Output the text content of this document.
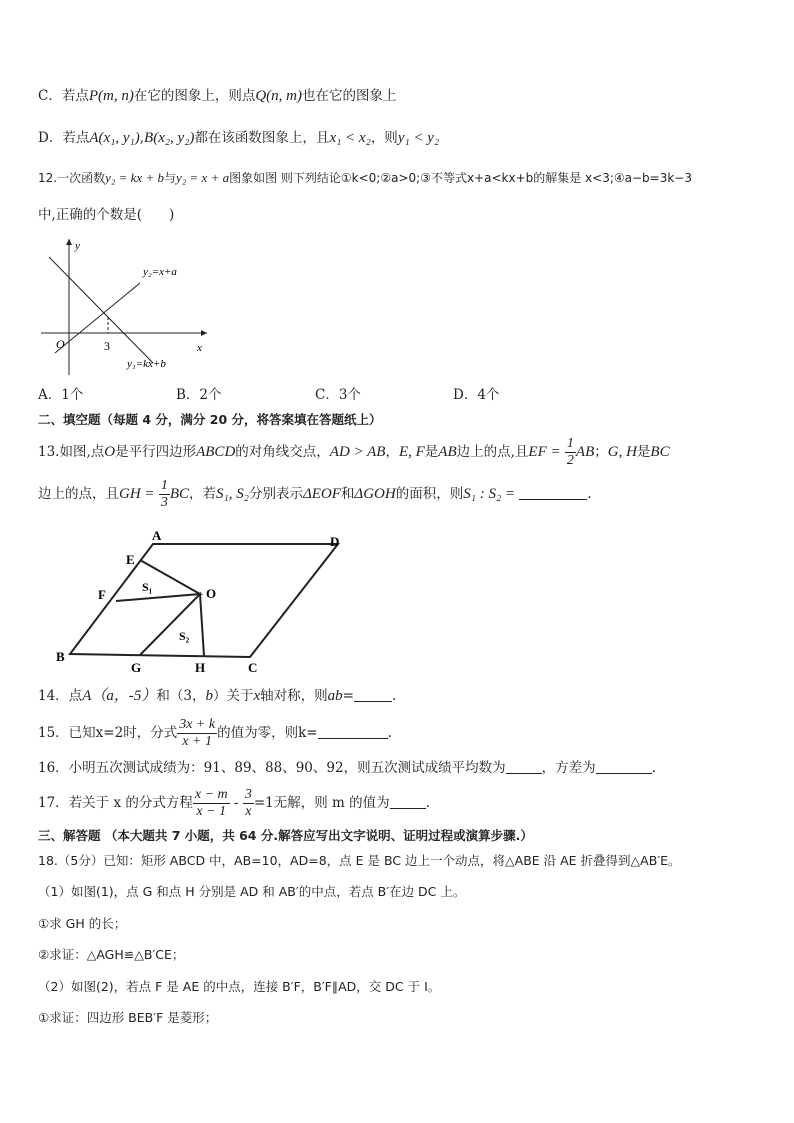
C．若点P(m, n)在它的图象上，则点Q(n, m)也在它的图象上
D．若点A(x₁, y₁),B(x₂, y₂)都在该函数图象上，且x₁ < x₂，则y₁ < y₂
12.一次函数y₂ = kx + b与y₂ = x + a图象如图 则下列结论①k<0;②a>0;③不等式x+a<kx+b的解集是 x<3;④a−b=3k−3
中,正确的个数是(　　)
y
x
O	3
y₂=x+a
y₁=kx+b
A．1个	B．2个	C．3个	D．4个
二、填空题（每题 4 分，满分 20 分，将答案填在答题纸上）
13.如图,点O是平行四边形ABCD的对角线交点，AD > AB，E, F是AB边上的点,且EF = $\frac{1}{2}$ AB；G, H是BC
边上的点，且GH = $\frac{1}{3}$ BC，若S₁, S₂分别表示ΔEOF和ΔGOH的面积，则S₁ : S₂ =	.
A	D
E
F	O
B
G	H	C
S₁
S₂
14．点A（a，-5）和（3，b）关于x轴对称，则ab=	.
15．已知x=2时，分式 $\frac{3x + k}{x + 1}$ 的值为零，则k=	.
16．小明五次测试成绩为：91、89、88、90、92，则五次测试成绩平均数为	，方差为	.
17．若关于 x 的分式方程 $\frac{x - m}{x - 1} - \frac{3}{x} =1$无解，则 m 的值为	.
三、解答题 （本大题共 7 小题，共 64 分.解答应写出文字说明、证明过程或演算步骤.）
18.（5分）已知：矩形 ABCD 中，AB=10，AD=8，点 E 是 BC 边上一个动点，将△ABE 沿 AE 折叠得到△AB′E。
（1）如图(1)，点 G 和点 H 分别是 AD 和 AB′的中点，若点 B′在边 DC 上。
①求 GH 的长；
②求证：△AGH≌△B′CE；
（2）如图(2)，若点 F 是 AE 的中点，连接 B′F，B′F∥AD，交 DC 于 I。
①求证：四边形 BEB′F 是菱形；
